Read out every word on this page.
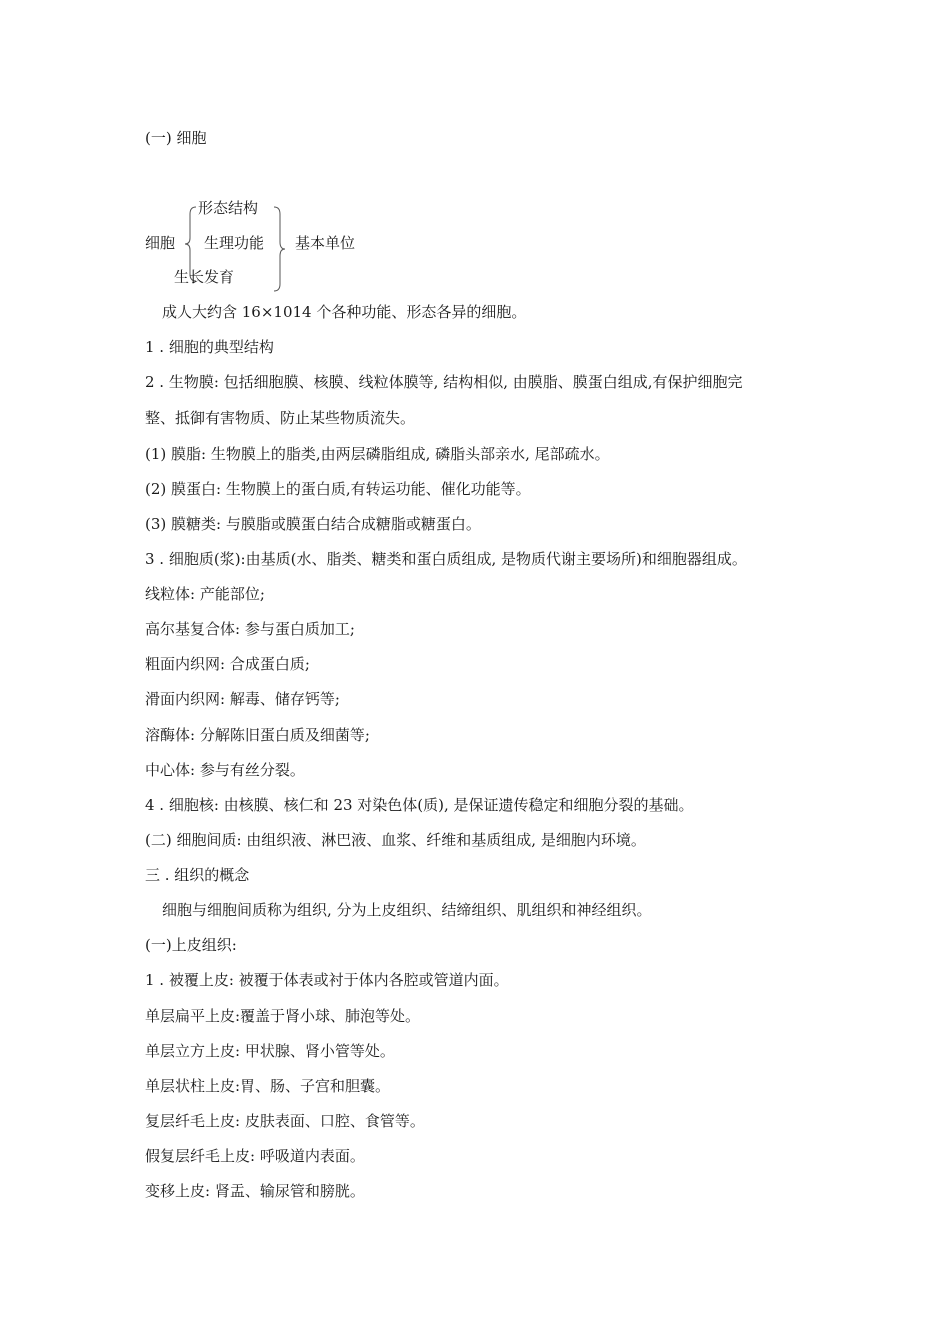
(一) 细胞
细胞
形态结构
生理功能
生长发育
基本单位
成人大约含 16×1014 个各种功能、形态各异的细胞。
1 . 细胞的典型结构
2 . 生物膜: 包括细胞膜、核膜、线粒体膜等, 结构相似, 由膜脂、膜蛋白组成,有保护细胞完
整、抵御有害物质、防止某些物质流失。
(1) 膜脂: 生物膜上的脂类,由两层磷脂组成, 磷脂头部亲水, 尾部疏水。
(2) 膜蛋白: 生物膜上的蛋白质,有转运功能、催化功能等。
(3) 膜糖类: 与膜脂或膜蛋白结合成糖脂或糖蛋白。
3 . 细胞质(浆):由基质(水、脂类、糖类和蛋白质组成, 是物质代谢主要场所)和细胞器组成。
线粒体: 产能部位;
高尔基复合体: 参与蛋白质加工;
粗面内织网: 合成蛋白质;
滑面内织网: 解毒、储存钙等;
溶酶体: 分解陈旧蛋白质及细菌等;
中心体: 参与有丝分裂。
4 . 细胞核: 由核膜、核仁和 23 对染色体(质), 是保证遗传稳定和细胞分裂的基础。
(二) 细胞间质: 由组织液、淋巴液、血浆、纤维和基质组成, 是细胞内环境。
三 . 组织的概念
细胞与细胞间质称为组织, 分为上皮组织、结缔组织、肌组织和神经组织。
(一)上皮组织:
1 . 被覆上皮: 被覆于体表或衬于体内各腔或管道内面。
单层扁平上皮:覆盖于肾小球、肺泡等处。
单层立方上皮: 甲状腺、肾小管等处。
单层状柱上皮:胃、肠、子宫和胆囊。
复层纤毛上皮: 皮肤表面、口腔、食管等。
假复层纤毛上皮: 呼吸道内表面。
变移上皮: 肾盂、输尿管和膀胱。
